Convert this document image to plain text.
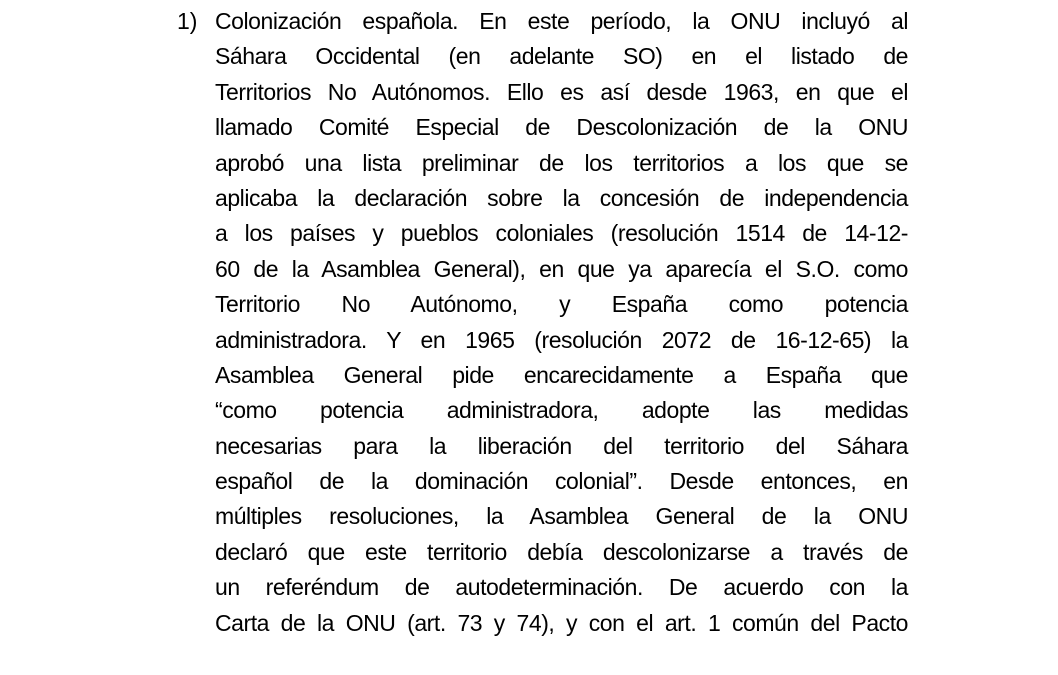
1) Colonización española. En este período, la ONU incluyó al
Sáhara Occidental (en adelante SO) en el listado de
Territorios No Autónomos. Ello es así desde 1963, en que el
llamado Comité Especial de Descolonización de la ONU
aprobó una lista preliminar de los territorios a los que se
aplicaba la declaración sobre la concesión de independencia
a los países y pueblos coloniales (resolución 1514 de 14-12-
60 de la Asamblea General), en que ya aparecía el S.O. como
Territorio No Autónomo, y España como potencia
administradora. Y en 1965 (resolución 2072 de 16-12-65) la
Asamblea General pide encarecidamente a España que
“como potencia administradora, adopte las medidas
necesarias para la liberación del territorio del Sáhara
español de la dominación colonial”. Desde entonces, en
múltiples resoluciones, la Asamblea General de la ONU
declaró que este territorio debía descolonizarse a través de
un referéndum de autodeterminación. De acuerdo con la
Carta de la ONU (art. 73 y 74), y con el art. 1 común del Pacto
